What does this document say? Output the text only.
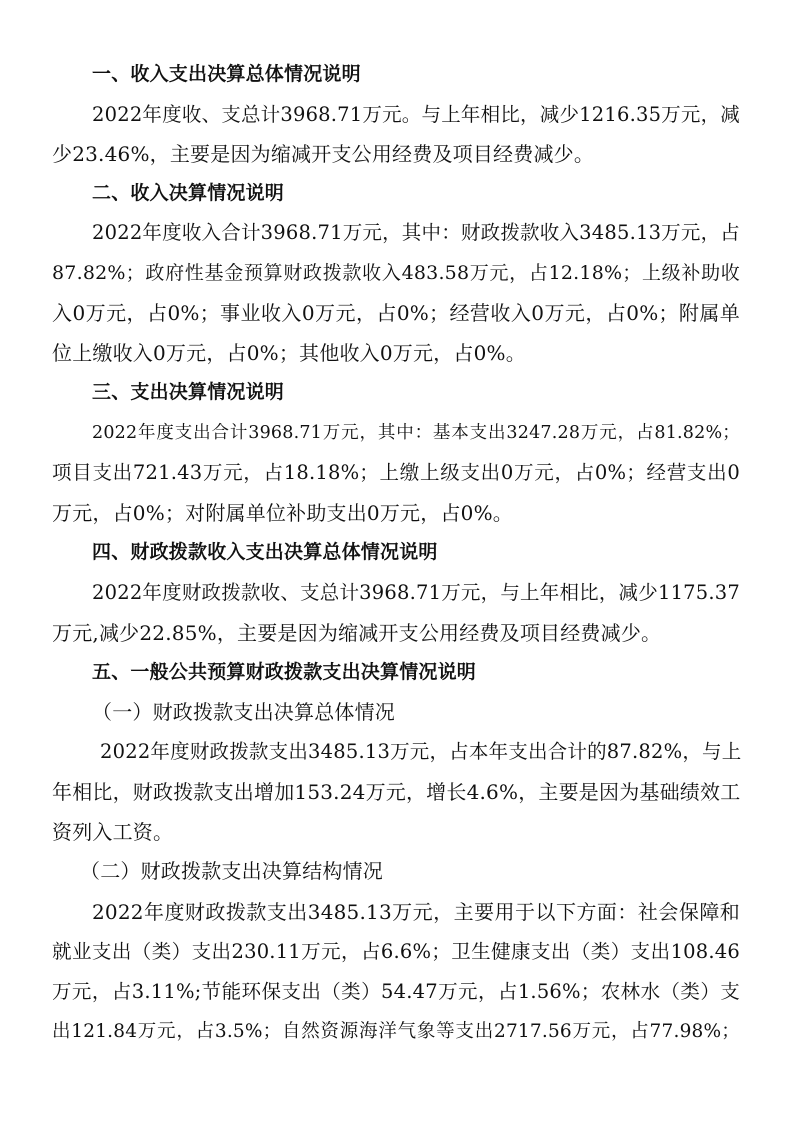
一、收入支出决算总体情况说明
2022年度收、支总计3968.71万元。与上年相比，减少1216.35万元，减
少23.46%，主要是因为缩减开支公用经费及项目经费减少。
二、收入决算情况说明
2022年度收入合计3968.71万元，其中：财政拨款收入3485.13万元，占
87.82%；政府性基金预算财政拨款收入483.58万元，占12.18%；上级补助收
入0万元，占0%；事业收入0万元，占0%；经营收入0万元，占0%；附属单
位上缴收入0万元，占0%；其他收入0万元，占0%。
三、支出决算情况说明
2022年度支出合计3968.71万元，其中：基本支出3247.28万元，占81.82%；
项目支出721.43万元，占18.18%；上缴上级支出0万元，占0%；经营支出0
万元，占0%；对附属单位补助支出0万元，占0%。
四、财政拨款收入支出决算总体情况说明
2022年度财政拨款收、支总计3968.71万元，与上年相比，减少1175.37
万元,减少22.85%，主要是因为缩减开支公用经费及项目经费减少。
五、一般公共预算财政拨款支出决算情况说明
（一）财政拨款支出决算总体情况
2022年度财政拨款支出3485.13万元，占本年支出合计的87.82%，与上
年相比，财政拨款支出增加153.24万元，增长4.6%，主要是因为基础绩效工
资列入工资。
（二）财政拨款支出决算结构情况
2022年度财政拨款支出3485.13万元，主要用于以下方面：社会保障和
就业支出（类）支出230.11万元，占6.6%；卫生健康支出（类）支出108.46
万元，占3.11%;节能环保支出（类）54.47万元，占1.56%；农林水（类）支
出121.84万元，占3.5%；自然资源海洋气象等支出2717.56万元，占77.98%；
